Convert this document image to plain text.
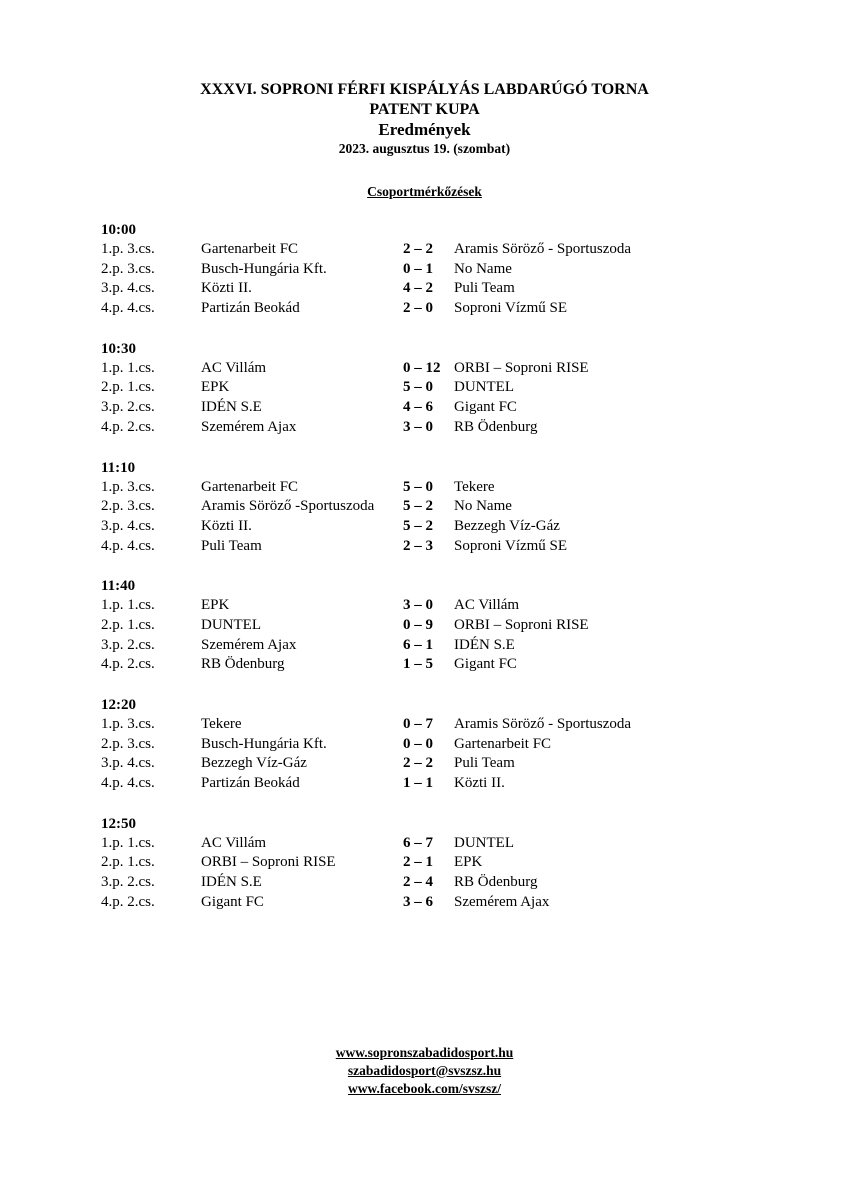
XXXVI. SOPRONI FÉRFI KISPÁLYÁS LABDARÚGÓ TORNA
PATENT KUPA
Eredmények
2023. augusztus 19. (szombat)
Csoportmérkőzések
10:00
1.p. 3.cs.	Gartenarbeit FC	2 – 2 Aramis Söröző - Sportuszoda
2.p. 3.cs.	Busch-Hungária Kft.	0 – 1 No Name
3.p. 4.cs.	Közti II.	4 – 2 Puli Team
4.p. 4.cs.	Partizán Beokád	2 – 0 Soproni Vízmű SE
10:30
1.p. 1.cs.	AC Villám	0 – 12 ORBI – Soproni RISE
2.p. 1.cs.	EPK	5 – 0 DUNTEL
3.p. 2.cs.	IDÉN S.E	4 – 6 Gigant FC
4.p. 2.cs.	Szemérem Ajax	3 – 0 RB Ödenburg
11:10
1.p. 3.cs.	Gartenarbeit FC	5 – 0 Tekere
2.p. 3.cs.	Aramis Söröző -Sportuszoda 5 – 2 No Name
3.p. 4.cs.	Közti II.	5 – 2 Bezzegh Víz-Gáz
4.p. 4.cs.	Puli Team	2 – 3 Soproni Vízmű SE
11:40
1.p. 1.cs.	EPK	3 – 0 AC Villám
2.p. 1.cs.	DUNTEL	0 – 9 ORBI – Soproni RISE
3.p. 2.cs.	Szemérem Ajax	6 – 1 IDÉN S.E
4.p. 2.cs.	RB Ödenburg	1 – 5 Gigant FC
12:20
1.p. 3.cs.	Tekere	0 – 7 Aramis Söröző - Sportuszoda
2.p. 3.cs.	Busch-Hungária Kft.	0 – 0 Gartenarbeit FC
3.p. 4.cs.	Bezzegh Víz-Gáz	2 – 2 Puli Team
4.p. 4.cs.	Partizán Beokád	1 – 1 Közti II.
12:50
1.p. 1.cs.	AC Villám	6 – 7 DUNTEL
2.p. 1.cs.	ORBI – Soproni RISE	2 – 1 EPK
3.p. 2.cs.	IDÉN S.E	2 – 4 RB Ödenburg
4.p. 2.cs.	Gigant FC	3 – 6 Szemérem Ajax
www.sopronszabadidosport.hu
szabadidosport@svszsz.hu
www.facebook.com/svszsz/
